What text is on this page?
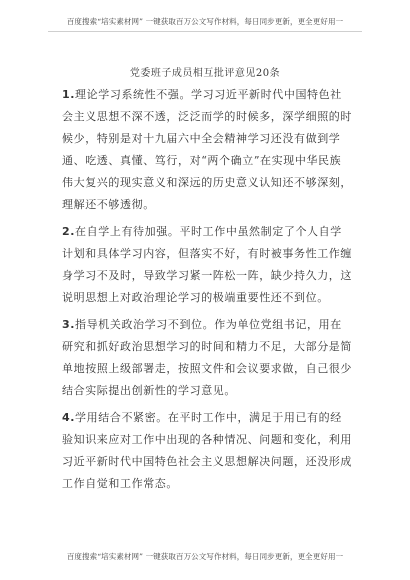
百度搜索“培实素材网” 一键获取百万公文写作材料，每日同步更新，更全更好用一
党委班子成员相互批评意见20条

1.理论学习系统性不强。学习习近平新时代中国特色社会主义思想不深不透，泛泛而学的时候多，深学细照的时候少，特别是对十九届六中全会精神学习还没有做到学通、吃透、真懂、笃行，对“两个确立”在实现中华民族伟大复兴的现实意义和深远的历史意义认知还不够深刻，理解还不够透彻。

2.在自学上有待加强。平时工作中虽然制定了个人自学计划和具体学习内容，但落实不好，有时被事务性工作缠身学习不及时，导致学习紧一阵松一阵，缺少持久力，这说明思想上对政治理论学习的极端重要性还不到位。

3.指导机关政治学习不到位。作为单位党组书记，用在研究和抓好政治思想学习的时间和精力不足，大部分是简单地按照上级部署走，按照文件和会议要求做，自己很少结合实际提出创新性的学习意见。

4.学用结合不紧密。在平时工作中，满足于用已有的经验知识来应对工作中出现的各种情况、问题和变化，利用习近平新时代中国特色社会主义思想解决问题，还没形成工作自觉和工作常态。

百度搜索“培实素材网” 一键获取百万公文写作材料，每日同步更新，更全更好用一
